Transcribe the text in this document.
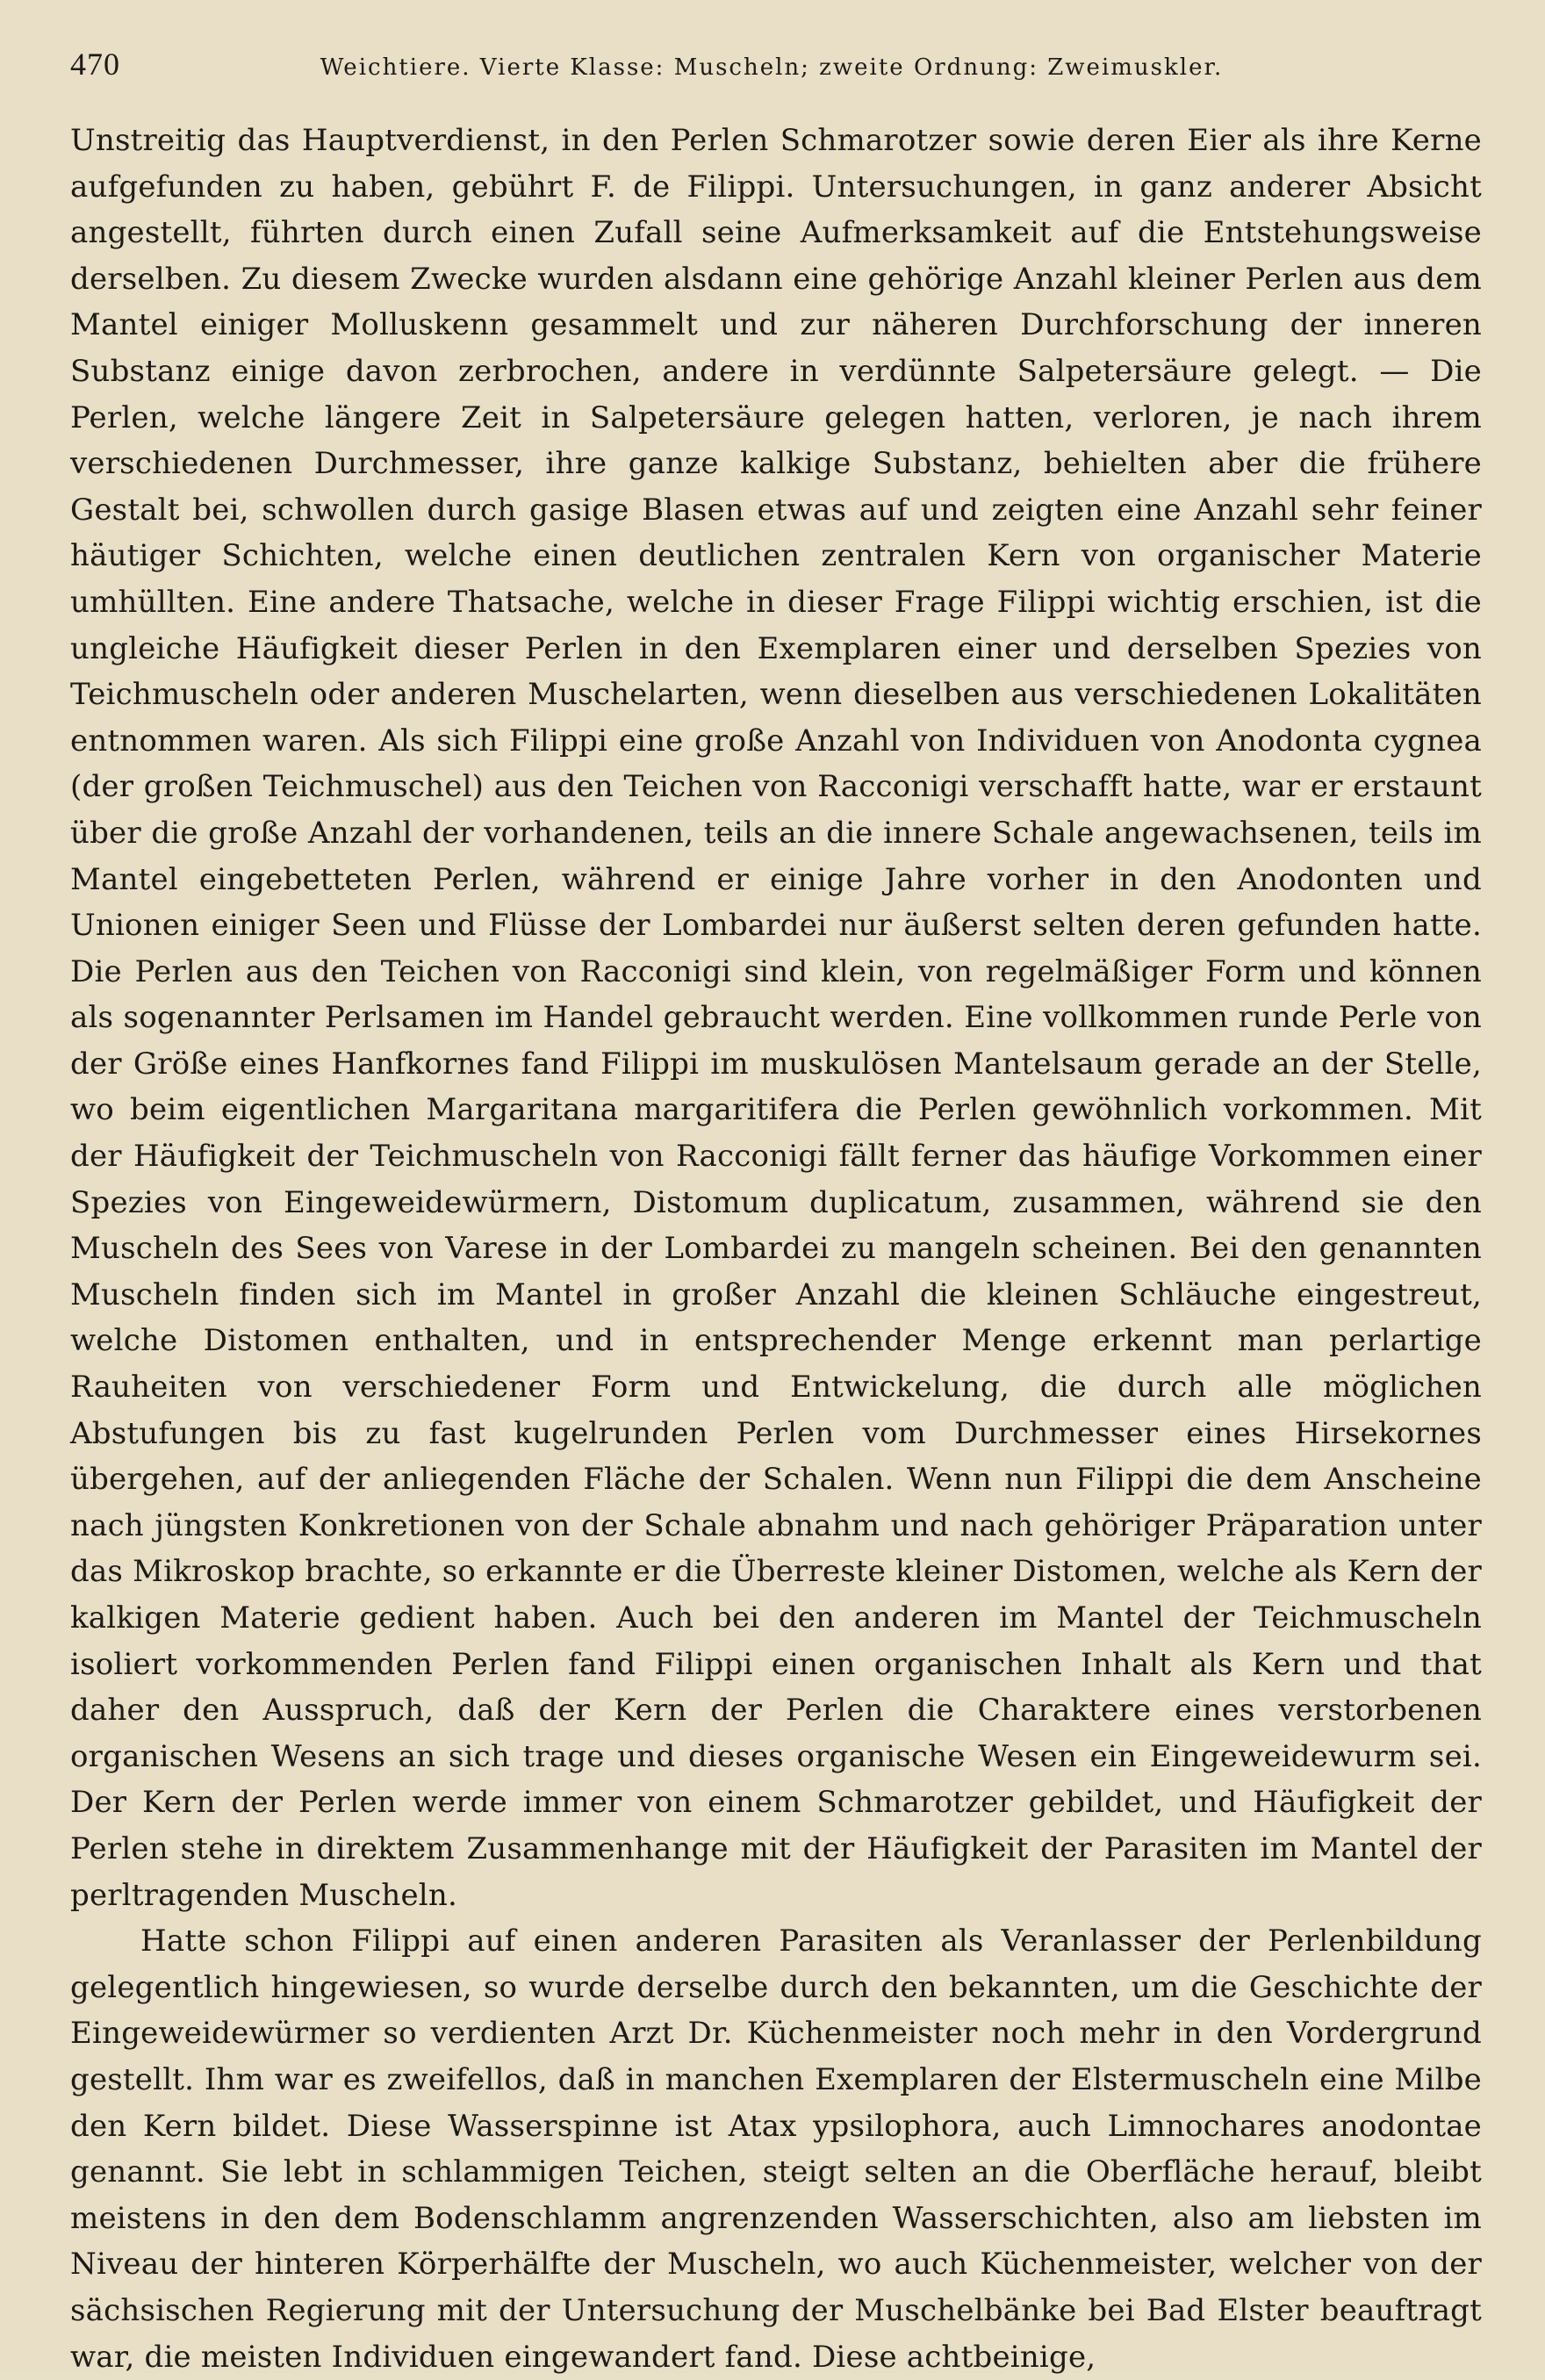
470	Weichtiere. Vierte Klasse: Muscheln; zweite Ordnung: Zweimuskler.

Unstreitig das Hauptverdienst, in den Perlen Schmarotzer sowie deren Eier als ihre Kerne aufgefunden zu haben, gebührt F. de Filippi. Untersuchungen, in ganz anderer Absicht angestellt, führten durch einen Zufall seine Aufmerksamkeit auf die Entstehungsweise derselben. Zu diesem Zwecke wurden alsdann eine gehörige Anzahl kleiner Perlen aus dem Mantel einiger Molluskenn gesammelt und zur näheren Durchforschung der inneren Substanz einige davon zerbrochen, andere in verdünnte Salpetersäure gelegt. — Die Perlen, welche längere Zeit in Salpetersäure gelegen hatten, verloren, je nach ihrem verschiedenen Durchmesser, ihre ganze kalkige Substanz, behielten aber die frühere Gestalt bei, schwollen durch gasige Blasen etwas auf und zeigten eine Anzahl sehr feiner häutiger Schichten, welche einen deutlichen zentralen Kern von organischer Materie umhüllten. Eine andere Thatsache, welche in dieser Frage Filippi wichtig erschien, ist die ungleiche Häufigkeit dieser Perlen in den Exemplaren einer und derselben Spezies von Teichmuscheln oder anderen Muschelarten, wenn dieselben aus verschiedenen Lokalitäten entnommen waren. Als sich Filippi eine große Anzahl von Individuen von Anodonta cygnea (der großen Teichmuschel) aus den Teichen von Racconigi verschafft hatte, war er erstaunt über die große Anzahl der vorhandenen, teils an die innere Schale angewachsenen, teils im Mantel eingebetteten Perlen, während er einige Jahre vorher in den Anodonten und Unionen einiger Seen und Flüsse der Lombardei nur äußerst selten deren gefunden hatte. Die Perlen aus den Teichen von Racconigi sind klein, von regelmäßiger Form und können als sogenannter Perlsamen im Handel gebraucht werden. Eine vollkommen runde Perle von der Größe eines Hanfkornes fand Filippi im muskulösen Mantelsaum gerade an der Stelle, wo beim eigentlichen Margaritana margaritifera die Perlen gewöhnlich vorkommen. Mit der Häufigkeit der Teichmuscheln von Racconigi fällt ferner das häufige Vorkommen einer Spezies von Eingeweidewürmern, Distomum duplicatum, zusammen, während sie den Muscheln des Sees von Varese in der Lombardei zu mangeln scheinen. Bei den genannten Muscheln finden sich im Mantel in großer Anzahl die kleinen Schläuche eingestreut, welche Distomen enthalten, und in entsprechender Menge erkennt man perlartige Rauheiten von verschiedener Form und Entwickelung, die durch alle möglichen Abstufungen bis zu fast kugelrunden Perlen vom Durchmesser eines Hirsekornes übergehen, auf der anliegenden Fläche der Schalen. Wenn nun Filippi die dem Anscheine nach jüngsten Konkretionen von der Schale abnahm und nach gehöriger Präparation unter das Mikroskop brachte, so erkannte er die Überreste kleiner Distomen, welche als Kern der kalkigen Materie gedient haben. Auch bei den anderen im Mantel der Teichmuscheln isoliert vorkommenden Perlen fand Filippi einen organischen Inhalt als Kern und that daher den Ausspruch, daß der Kern der Perlen die Charaktere eines verstorbenen organischen Wesens an sich trage und dieses organische Wesen ein Eingeweidewurm sei. Der Kern der Perlen werde immer von einem Schmarotzer gebildet, und Häufigkeit der Perlen stehe in direktem Zusammenhange mit der Häufigkeit der Parasiten im Mantel der perltragenden Muscheln.

Hatte schon Filippi auf einen anderen Parasiten als Veranlasser der Perlenbildung gelegentlich hingewiesen, so wurde derselbe durch den bekannten, um die Geschichte der Eingeweidewürmer so verdienten Arzt Dr. Küchenmeister noch mehr in den Vordergrund gestellt. Ihm war es zweifellos, daß in manchen Exemplaren der Elstermuscheln eine Milbe den Kern bildet. Diese Wasserspinne ist Atax ypsilophora, auch Limnochares anodontae genannt. Sie lebt in schlammigen Teichen, steigt selten an die Oberfläche herauf, bleibt meistens in den dem Bodenschlamm angrenzenden Wasserschichten, also am liebsten im Niveau der hinteren Körperhälfte der Muscheln, wo auch Küchenmeister, welcher von der sächsischen Regierung mit der Untersuchung der Muschelbänke bei Bad Elster beauftragt war, die meisten Individuen eingewandert fand. Diese achtbeinige,
